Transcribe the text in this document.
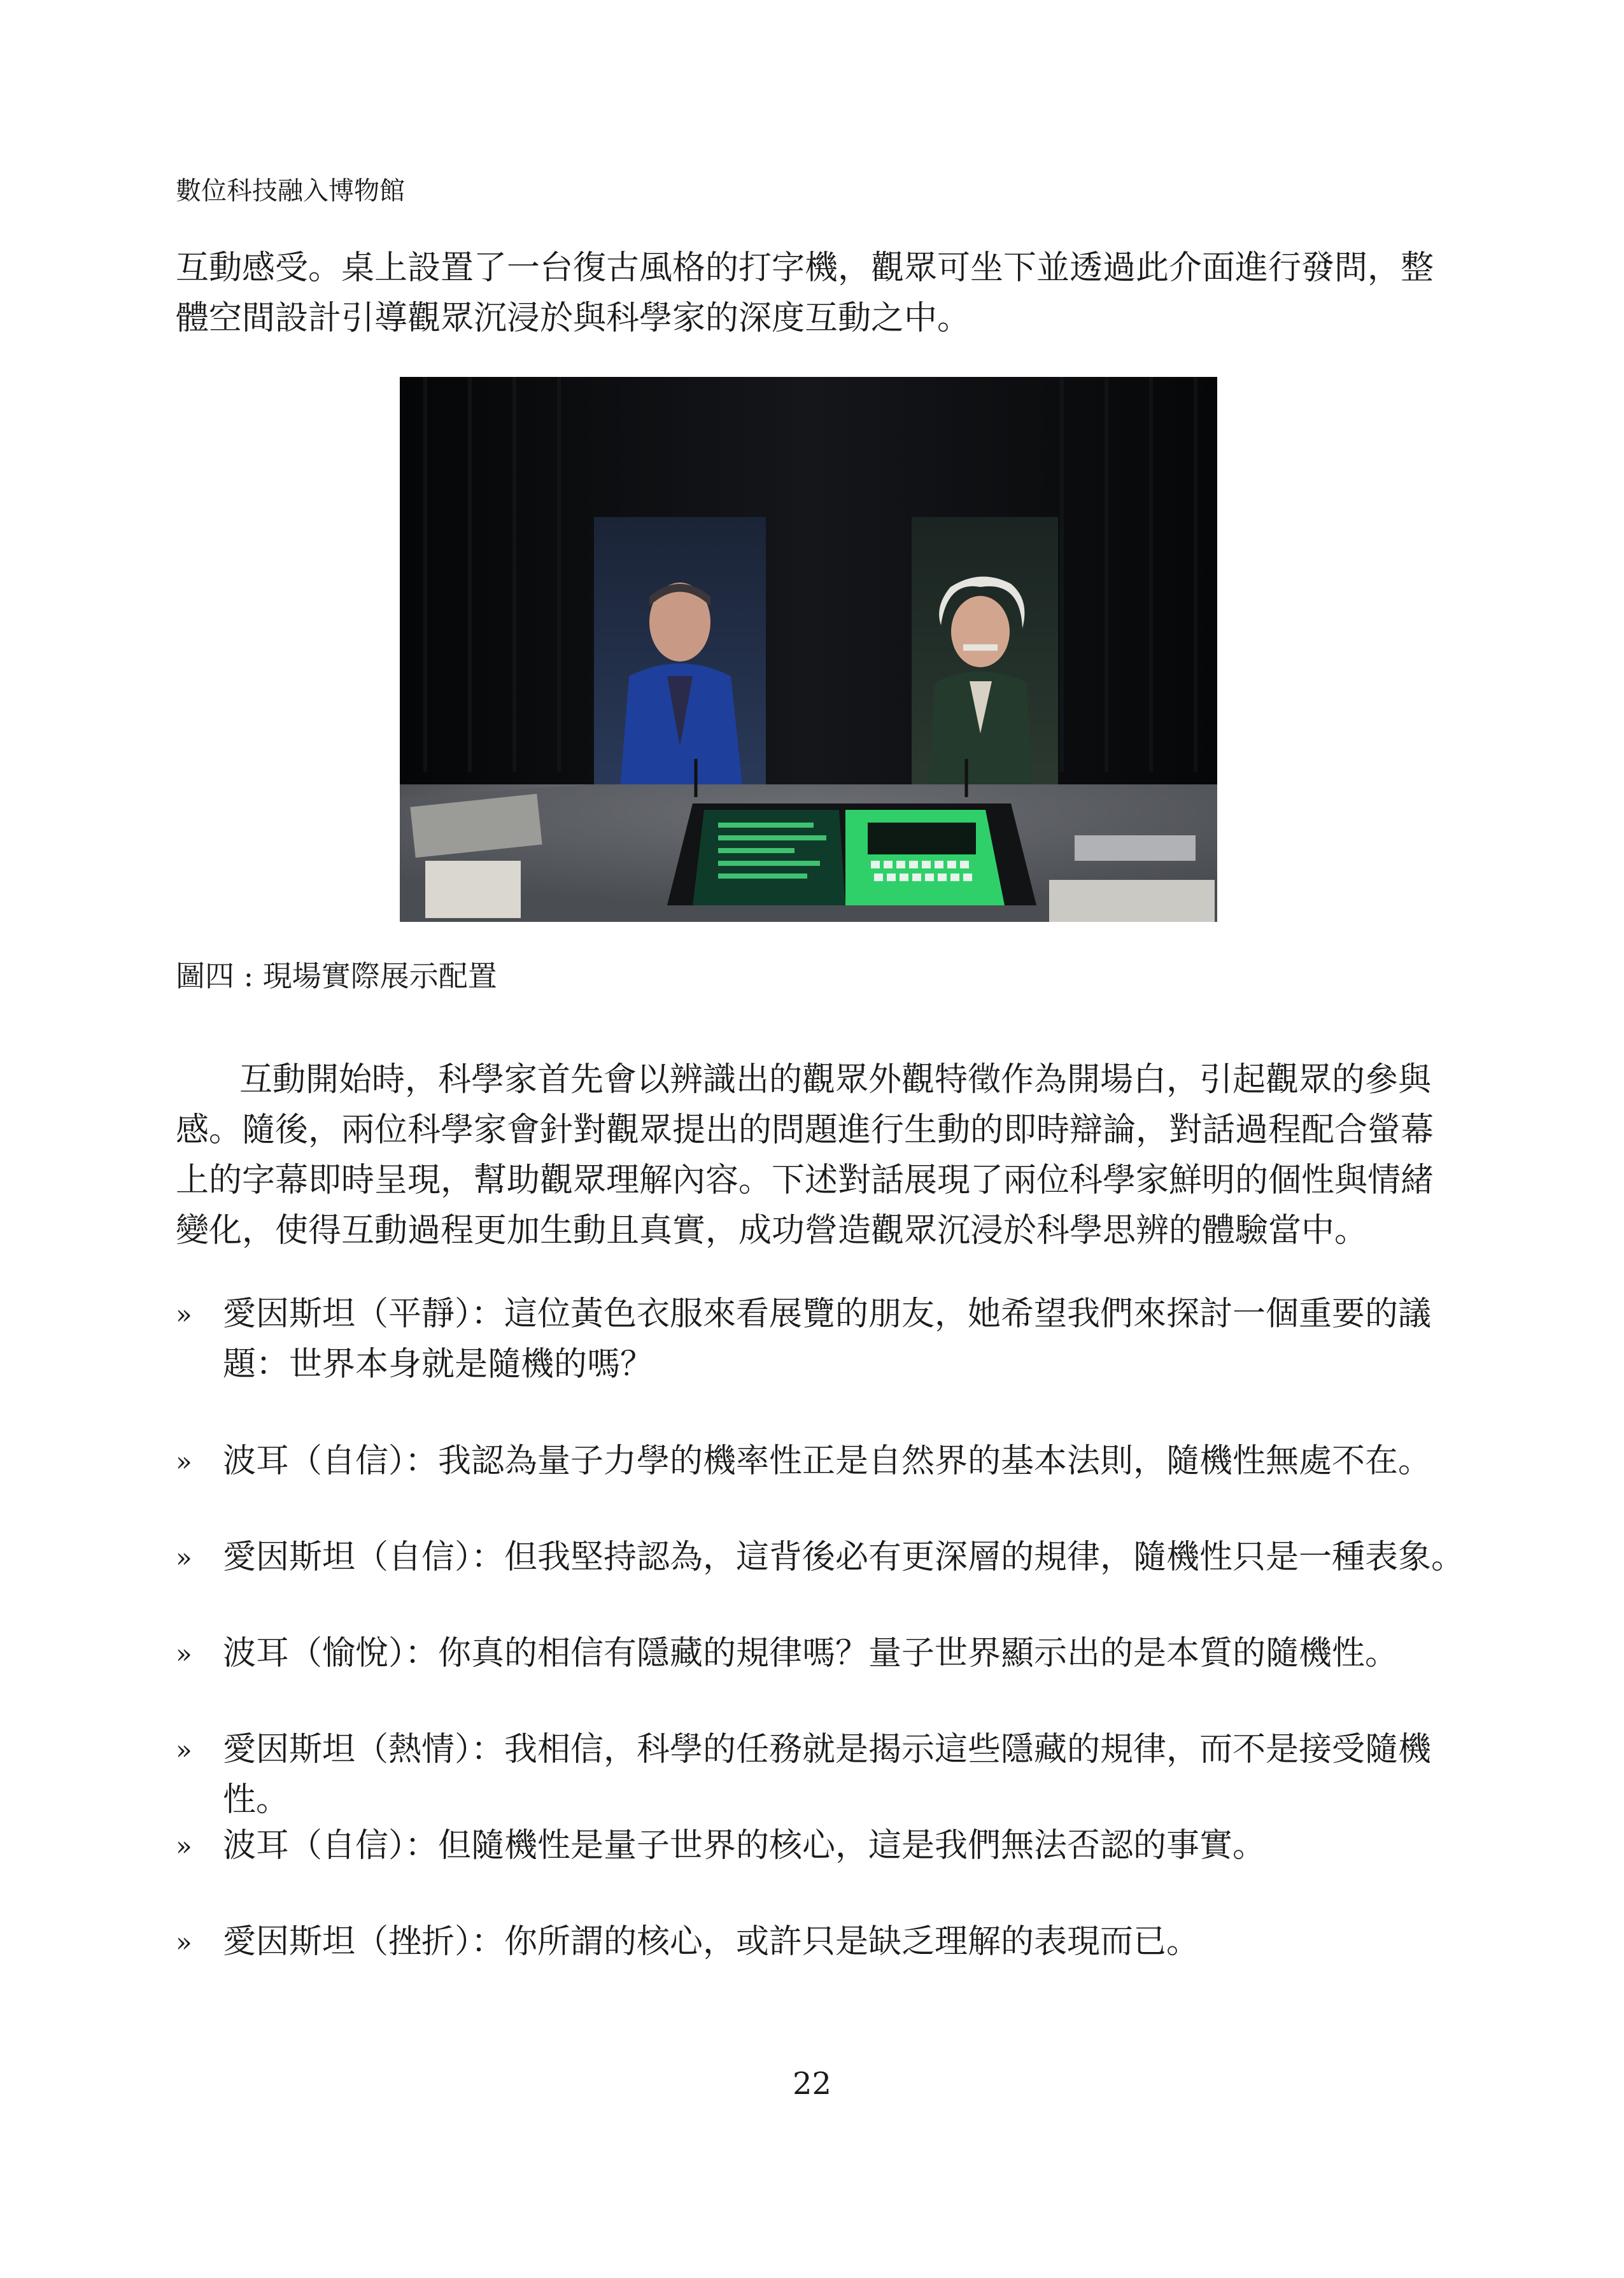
數位科技融入博物館

互動感受。桌上設置了一台復古風格的打字機，觀眾可坐下並透過此介面進行發問，整體空間設計引導觀眾沉浸於與科學家的深度互動之中。

圖四 : 現場實際展示配置

互動開始時，科學家首先會以辨識出的觀眾外觀特徵作為開場白，引起觀眾的參與感。隨後，兩位科學家會針對觀眾提出的問題進行生動的即時辯論，對話過程配合螢幕上的字幕即時呈現，幫助觀眾理解內容。下述對話展現了兩位科學家鮮明的個性與情緒變化，使得互動過程更加生動且真實，成功營造觀眾沉浸於科學思辨的體驗當中。

» 愛因斯坦（平靜）：這位黃色衣服來看展覽的朋友，她希望我們來探討一個重要的議題：世界本身就是隨機的嗎？
» 波耳（自信）：我認為量子力學的機率性正是自然界的基本法則，隨機性無處不在。
» 愛因斯坦（自信）：但我堅持認為，這背後必有更深層的規律，隨機性只是一種表象。
» 波耳（愉悅）：你真的相信有隱藏的規律嗎？量子世界顯示出的是本質的隨機性。
» 愛因斯坦（熱情）：我相信，科學的任務就是揭示這些隱藏的規律，而不是接受隨機性。
» 波耳（自信）：但隨機性是量子世界的核心，這是我們無法否認的事實。
» 愛因斯坦（挫折）：你所謂的核心，或許只是缺乏理解的表現而已。
22
